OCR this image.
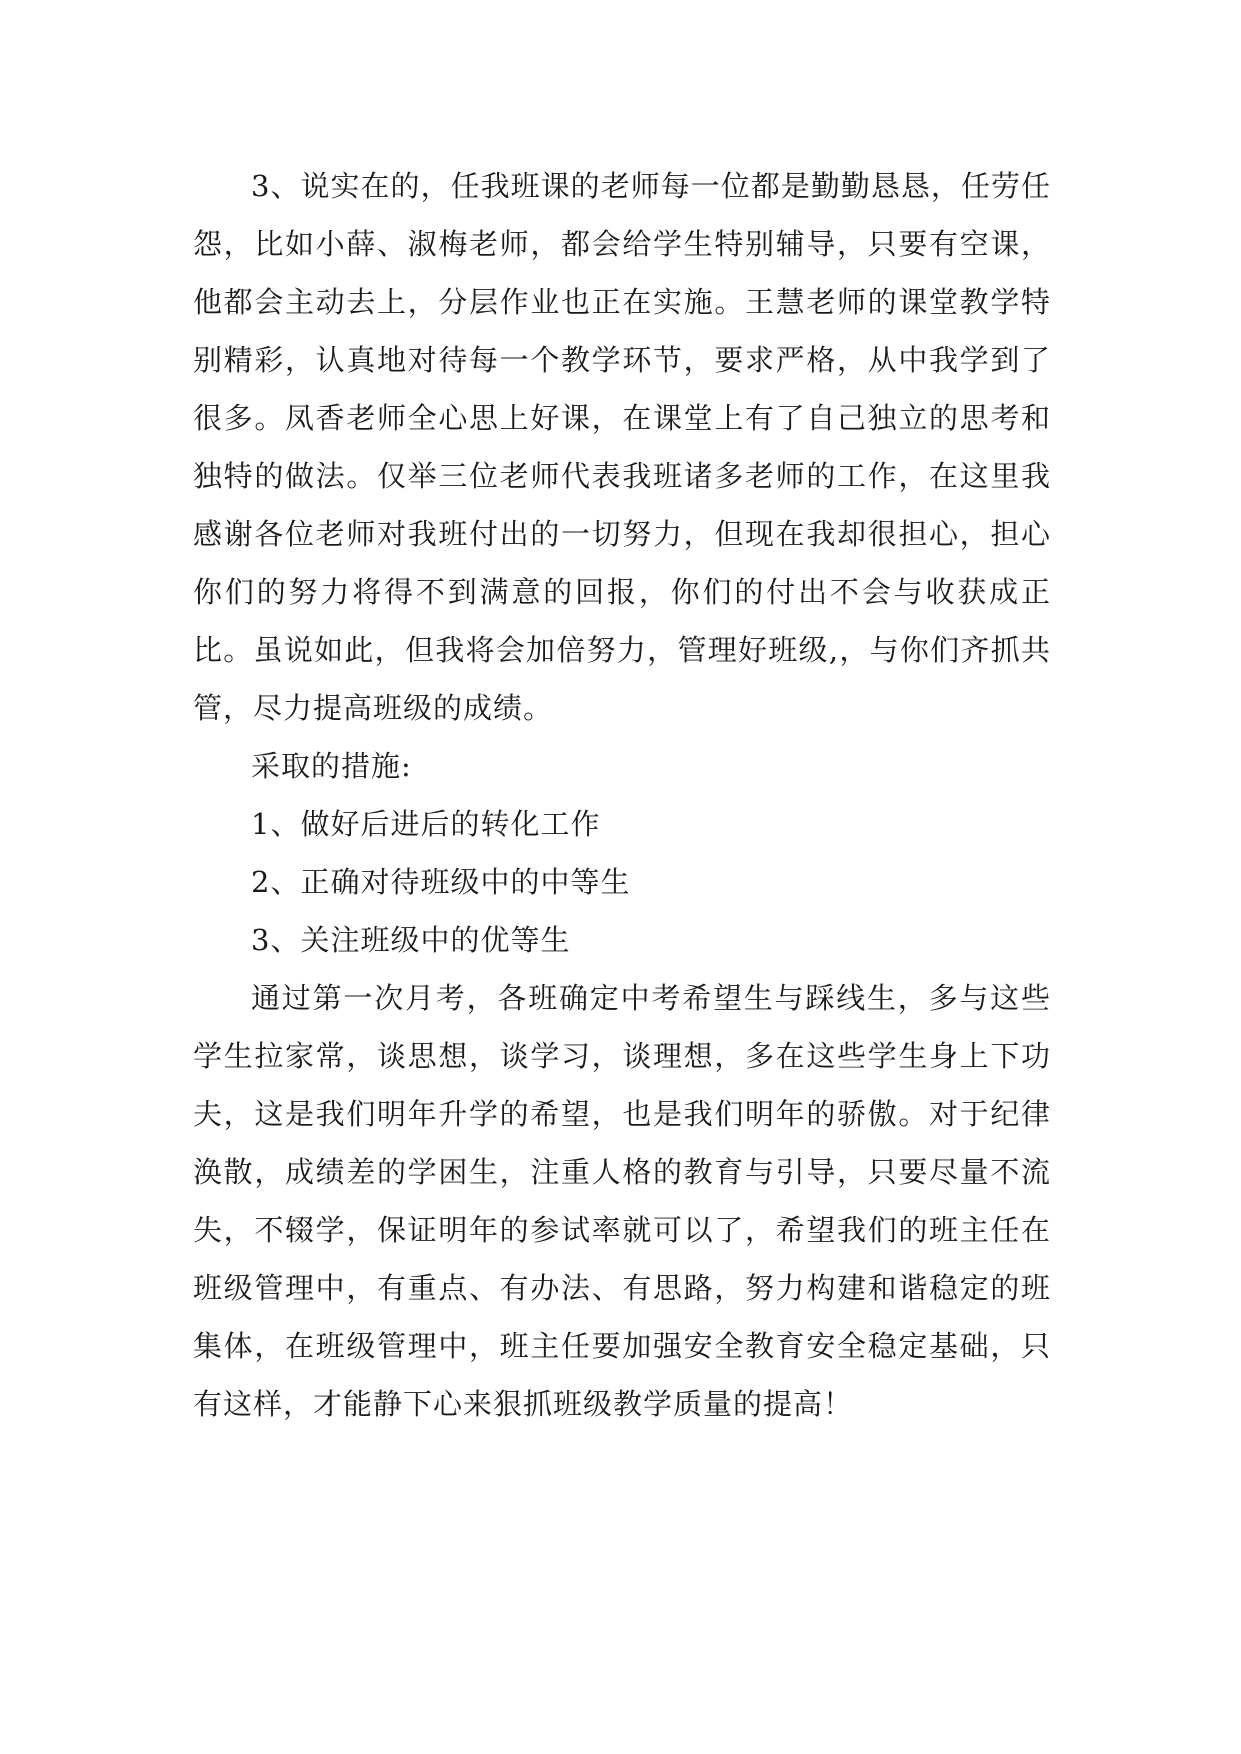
3、说实在的，任我班课的老师每一位都是勤勤恳恳，任劳任怨，比如小薛、淑梅老师，都会给学生特别辅导，只要有空课，他都会主动去上，分层作业也正在实施。王慧老师的课堂教学特别精彩，认真地对待每一个教学环节，要求严格，从中我学到了很多。凤香老师全心思上好课，在课堂上有了自己独立的思考和独特的做法。仅举三位老师代表我班诸多老师的工作，在这里我感谢各位老师对我班付出的一切努力，但现在我却很担心，担心你们的努力将得不到满意的回报，你们的付出不会与收获成正比。虽说如此，但我将会加倍努力，管理好班级,，与你们齐抓共管，尽力提高班级的成绩。

采取的措施:

1、做好后进后的转化工作
2、正确对待班级中的中等生
3、关注班级中的优等生

通过第一次月考，各班确定中考希望生与踩线生，多与这些学生拉家常，谈思想，谈学习，谈理想，多在这些学生身上下功夫，这是我们明年升学的希望，也是我们明年的骄傲。对于纪律涣散，成绩差的学困生，注重人格的教育与引导，只要尽量不流失，不辍学，保证明年的参试率就可以了，希望我们的班主任在班级管理中，有重点、有办法、有思路，努力构建和谐稳定的班集体，在班级管理中，班主任要加强安全教育安全稳定基础，只有这样，才能静下心来狠抓班级教学质量的提高！
